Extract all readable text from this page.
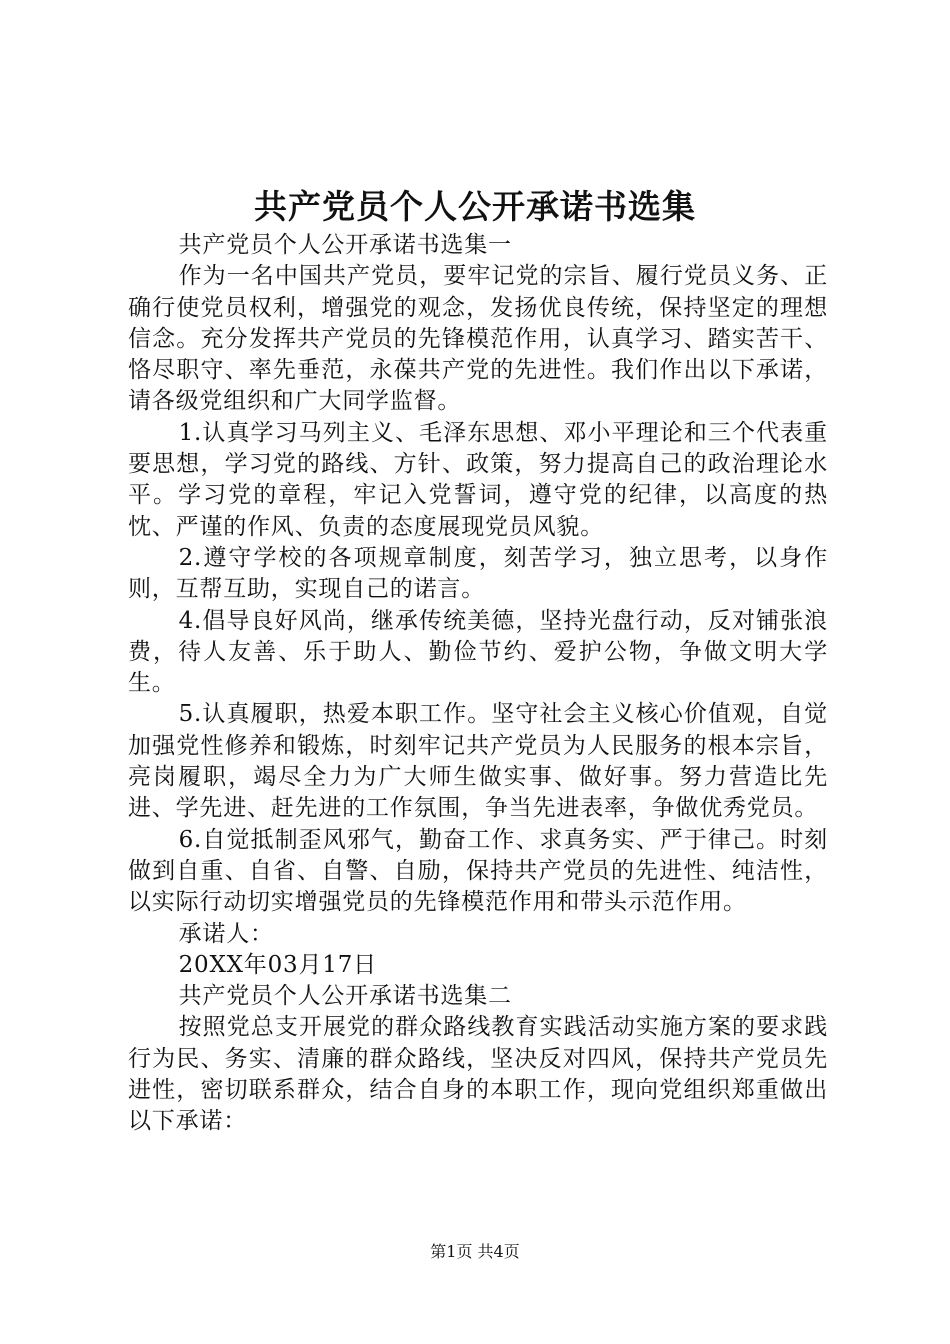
共产党员个人公开承诺书选集

共产党员个人公开承诺书选集一

作为一名中国共产党员，要牢记党的宗旨、履行党员义务、正确行使党员权利，增强党的观念，发扬优良传统，保持坚定的理想信念。充分发挥共产党员的先锋模范作用，认真学习、踏实苦干、恪尽职守、率先垂范，永葆共产党的先进性。我们作出以下承诺，请各级党组织和广大同学监督。

1.认真学习马列主义、毛泽东思想、邓小平理论和三个代表重要思想，学习党的路线、方针、政策，努力提高自己的政治理论水平。学习党的章程，牢记入党誓词，遵守党的纪律，以高度的热忱、严谨的作风、负责的态度展现党员风貌。

2.遵守学校的各项规章制度，刻苦学习，独立思考，以身作则，互帮互助，实现自己的诺言。

4.倡导良好风尚，继承传统美德，坚持光盘行动，反对铺张浪费，待人友善、乐于助人、勤俭节约、爱护公物，争做文明大学生。

5.认真履职，热爱本职工作。坚守社会主义核心价值观，自觉加强党性修养和锻炼，时刻牢记共产党员为人民服务的根本宗旨，亮岗履职，竭尽全力为广大师生做实事、做好事。努力营造比先进、学先进、赶先进的工作氛围，争当先进表率，争做优秀党员。

6.自觉抵制歪风邪气，勤奋工作、求真务实、严于律己。时刻做到自重、自省、自警、自励，保持共产党员的先进性、纯洁性，以实际行动切实增强党员的先锋模范作用和带头示范作用。

承诺人：

20XX年03月17日

共产党员个人公开承诺书选集二

按照党总支开展党的群众路线教育实践活动实施方案的要求践行为民、务实、清廉的群众路线，坚决反对四风，保持共产党员先进性，密切联系群众，结合自身的本职工作，现向党组织郑重做出以下承诺：

第1页 共4页
